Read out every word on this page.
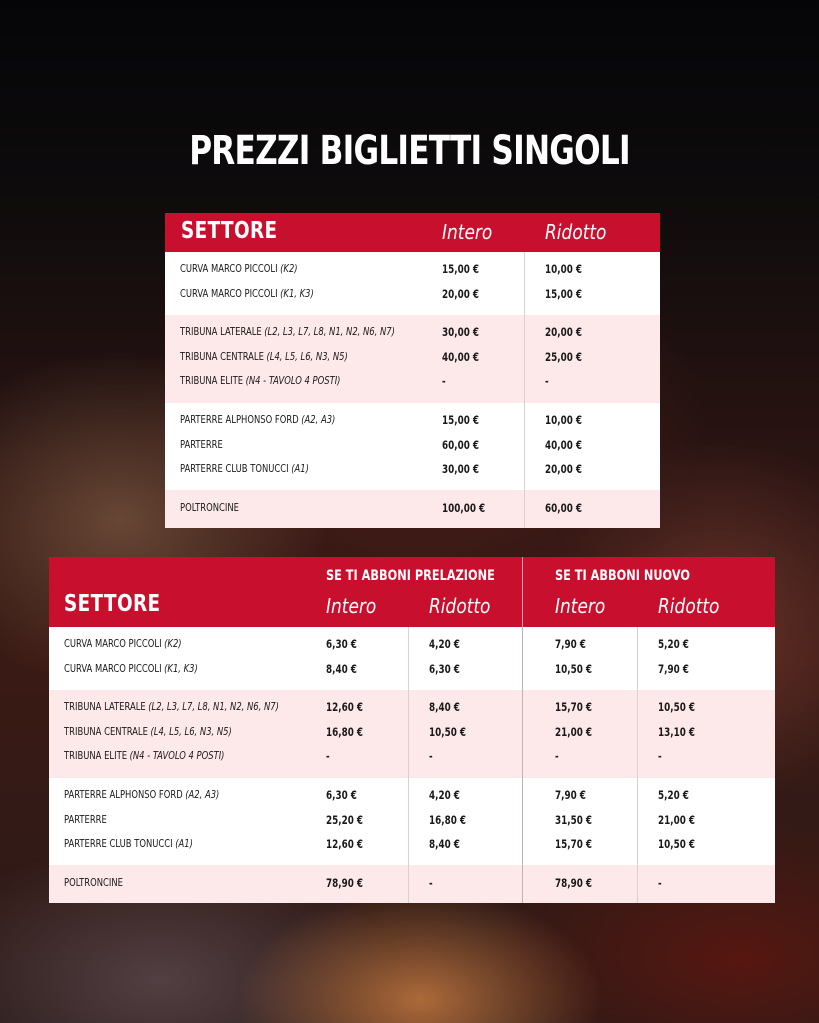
PREZZI BIGLIETTI SINGOLI
SETTORE	Intero	Ridotto
CURVA MARCO PICCOLI (K2)	15,00 €	10,00 €
CURVA MARCO PICCOLI (K1, K3)	20,00 €	15,00 €
TRIBUNA LATERALE (L2, L3, L7, L8, N1, N2, N6, N7)	30,00 €	20,00 €
TRIBUNA CENTRALE (L4, L5, L6, N3, N5)	40,00 €	25,00 €
TRIBUNA ELITE (N4 - TAVOLO 4 POSTI)	-	-
PARTERRE ALPHONSO FORD (A2, A3)	15,00 €	10,00 €
PARTERRE	60,00 €	40,00 €
PARTERRE CLUB TONUCCI (A1)	30,00 €	20,00 €
POLTRONCINE	100,00 €	60,00 €
SETTORE
SE TI ABBONI PRELAZIONE	SE TI ABBONI NUOVO
Intero	Ridotto	Intero	Ridotto
CURVA MARCO PICCOLI (K2)	6,30 €	4,20 €	7,90 €	5,20 €
CURVA MARCO PICCOLI (K1, K3)	8,40 €	6,30 €	10,50 €	7,90 €
TRIBUNA LATERALE (L2, L3, L7, L8, N1, N2, N6, N7)	12,60 €	8,40 €	15,70 €	10,50 €
TRIBUNA CENTRALE (L4, L5, L6, N3, N5)	16,80 €	10,50 €	21,00 €	13,10 €
TRIBUNA ELITE (N4 - TAVOLO 4 POSTI)	-	-	-	-
PARTERRE ALPHONSO FORD (A2, A3)	6,30 €	4,20 €	7,90 €	5,20 €
PARTERRE	25,20 €	16,80 €	31,50 €	21,00 €
PARTERRE CLUB TONUCCI (A1)	12,60 €	8,40 €	15,70 €	10,50 €
POLTRONCINE	78,90 €	-	78,90 €	-
